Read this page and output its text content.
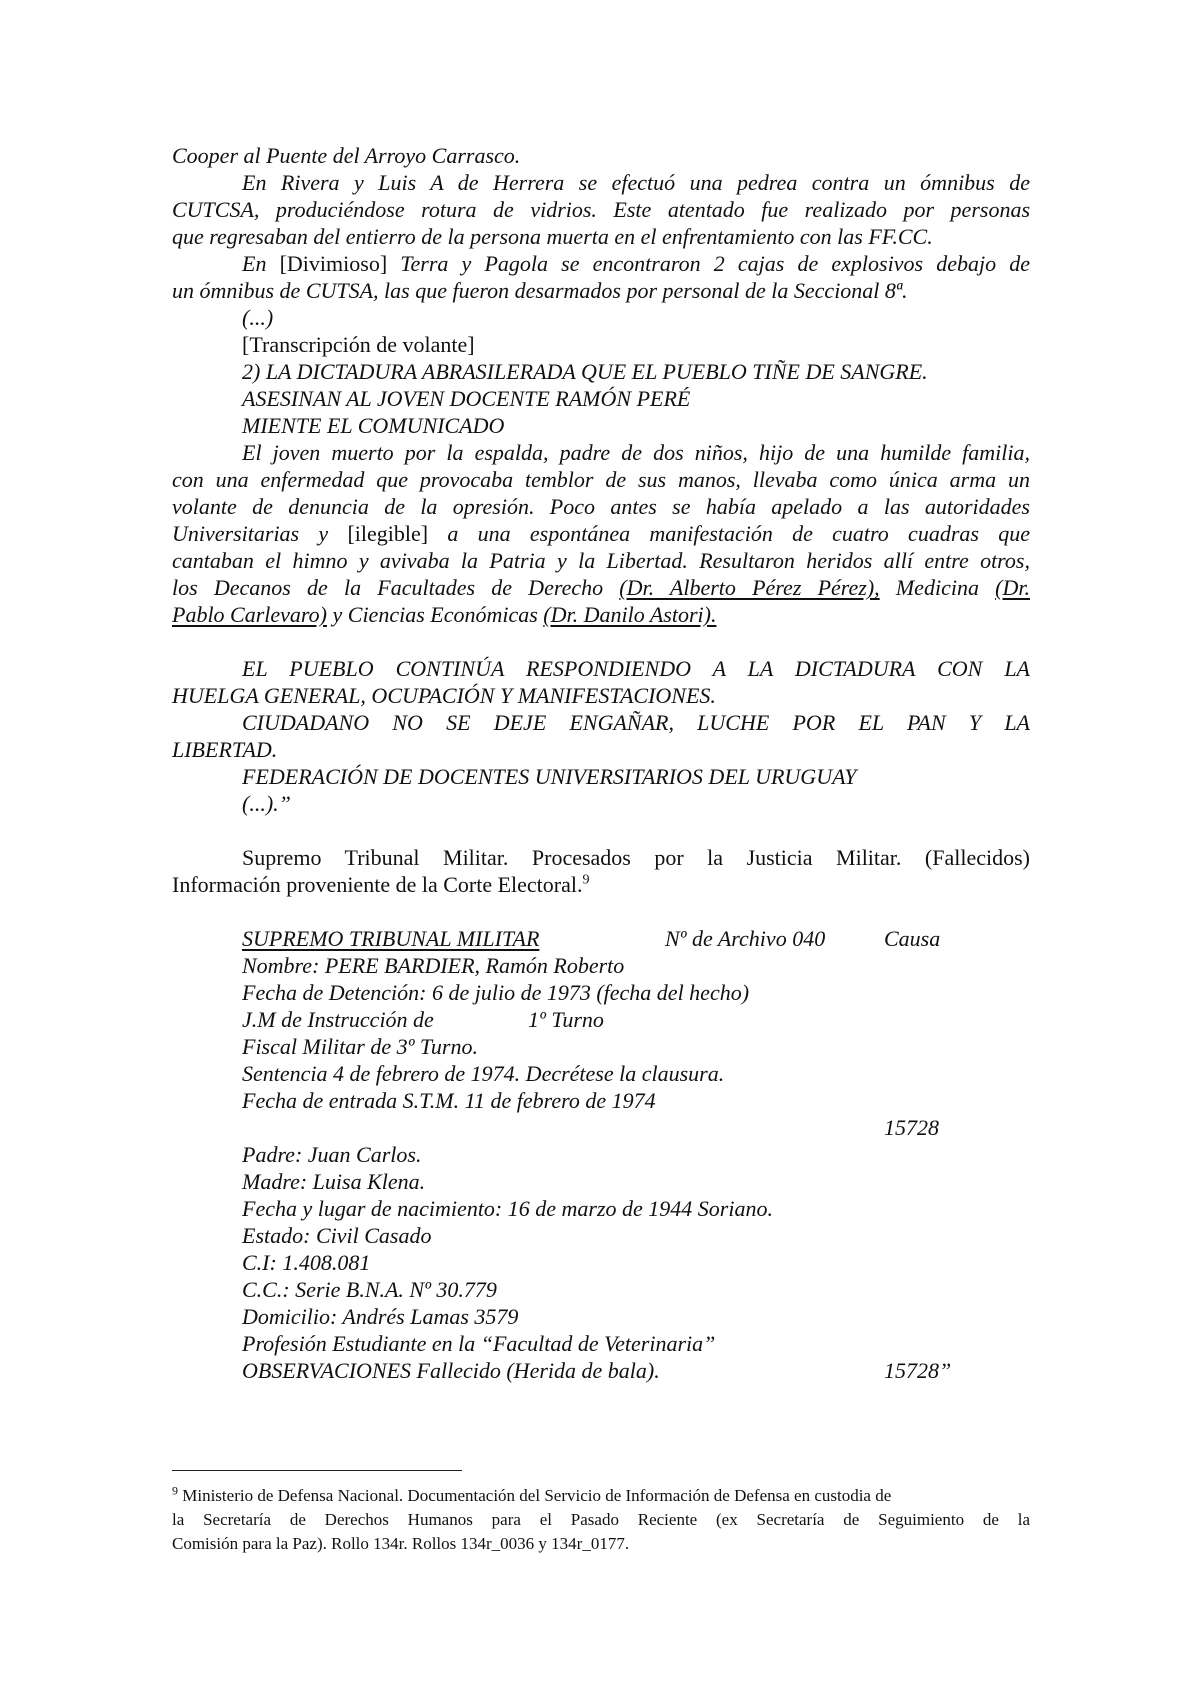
Cooper al Puente del Arroyo Carrasco.
En Rivera y Luis A de Herrera se efectuó una pedrea contra un ómnibus de
CUTCSA, produciéndose rotura de vidrios. Este atentado fue realizado por personas
que regresaban del entierro de la persona muerta en el enfrentamiento con las FF.CC.
En [Divimioso] Terra y Pagola se encontraron 2 cajas de explosivos debajo de
un ómnibus de CUTSA, las que fueron desarmados por personal de la Seccional 8ª.
(...)
[Transcripción de volante]
2) LA DICTADURA ABRASILERADA QUE EL PUEBLO TIÑE DE SANGRE.
ASESINAN AL JOVEN DOCENTE RAMÓN PERÉ
MIENTE EL COMUNICADO
El joven muerto por la espalda, padre de dos niños, hijo de una humilde familia,
con una enfermedad que provocaba temblor de sus manos, llevaba como única arma un
volante de denuncia de la opresión. Poco antes se había apelado a las autoridades
Universitarias y [ilegible] a una espontánea manifestación de cuatro cuadras que
cantaban el himno y avivaba la Patria y la Libertad. Resultaron heridos allí entre otros,
los Decanos de la Facultades de Derecho (Dr. Alberto Pérez Pérez), Medicina (Dr.
Pablo Carlevaro) y Ciencias Económicas (Dr. Danilo Astori).
EL PUEBLO CONTINÚA RESPONDIENDO A LA DICTADURA CON LA
HUELGA GENERAL, OCUPACIÓN Y MANIFESTACIONES.
CIUDADANO NO SE DEJE ENGAÑAR, LUCHE POR EL PAN Y LA
LIBERTAD.
FEDERACIÓN DE DOCENTES UNIVERSITARIOS DEL URUGUAY
(...).”
Supremo Tribunal Militar. Procesados por la Justicia Militar. (Fallecidos)
Información proveniente de la Corte Electoral.$^9$
SUPREMO TRIBUNAL MILITAR	Nº de Archivo 040	Causa
Nombre: PERE BARDIER, Ramón Roberto
Fecha de Detención: 6 de julio de 1973 (fecha del hecho)
J.M de Instrucción de	1º Turno
Fiscal Militar de 3º Turno.
Sentencia 4 de febrero de 1974. Decrétese la clausura.
Fecha de entrada S.T.M. 11 de febrero de 1974
15728
Padre: Juan Carlos.
Madre: Luisa Klena.
Fecha y lugar de nacimiento: 16 de marzo de 1944 Soriano.
Estado: Civil Casado
C.I: 1.408.081
C.C.: Serie B.N.A. Nº 30.779
Domicilio: Andrés Lamas 3579
Profesión Estudiante en la “Facultad de Veterinaria”
OBSERVACIONES Fallecido (Herida de bala).	15728”
$^9$ Ministerio de Defensa Nacional. Documentación del Servicio de Información de Defensa en custodia de
la Secretaría de Derechos Humanos para el Pasado Reciente (ex Secretaría de Seguimiento de la
Comisión para la Paz). Rollo 134r. Rollos 134r_0036 y 134r_0177.
